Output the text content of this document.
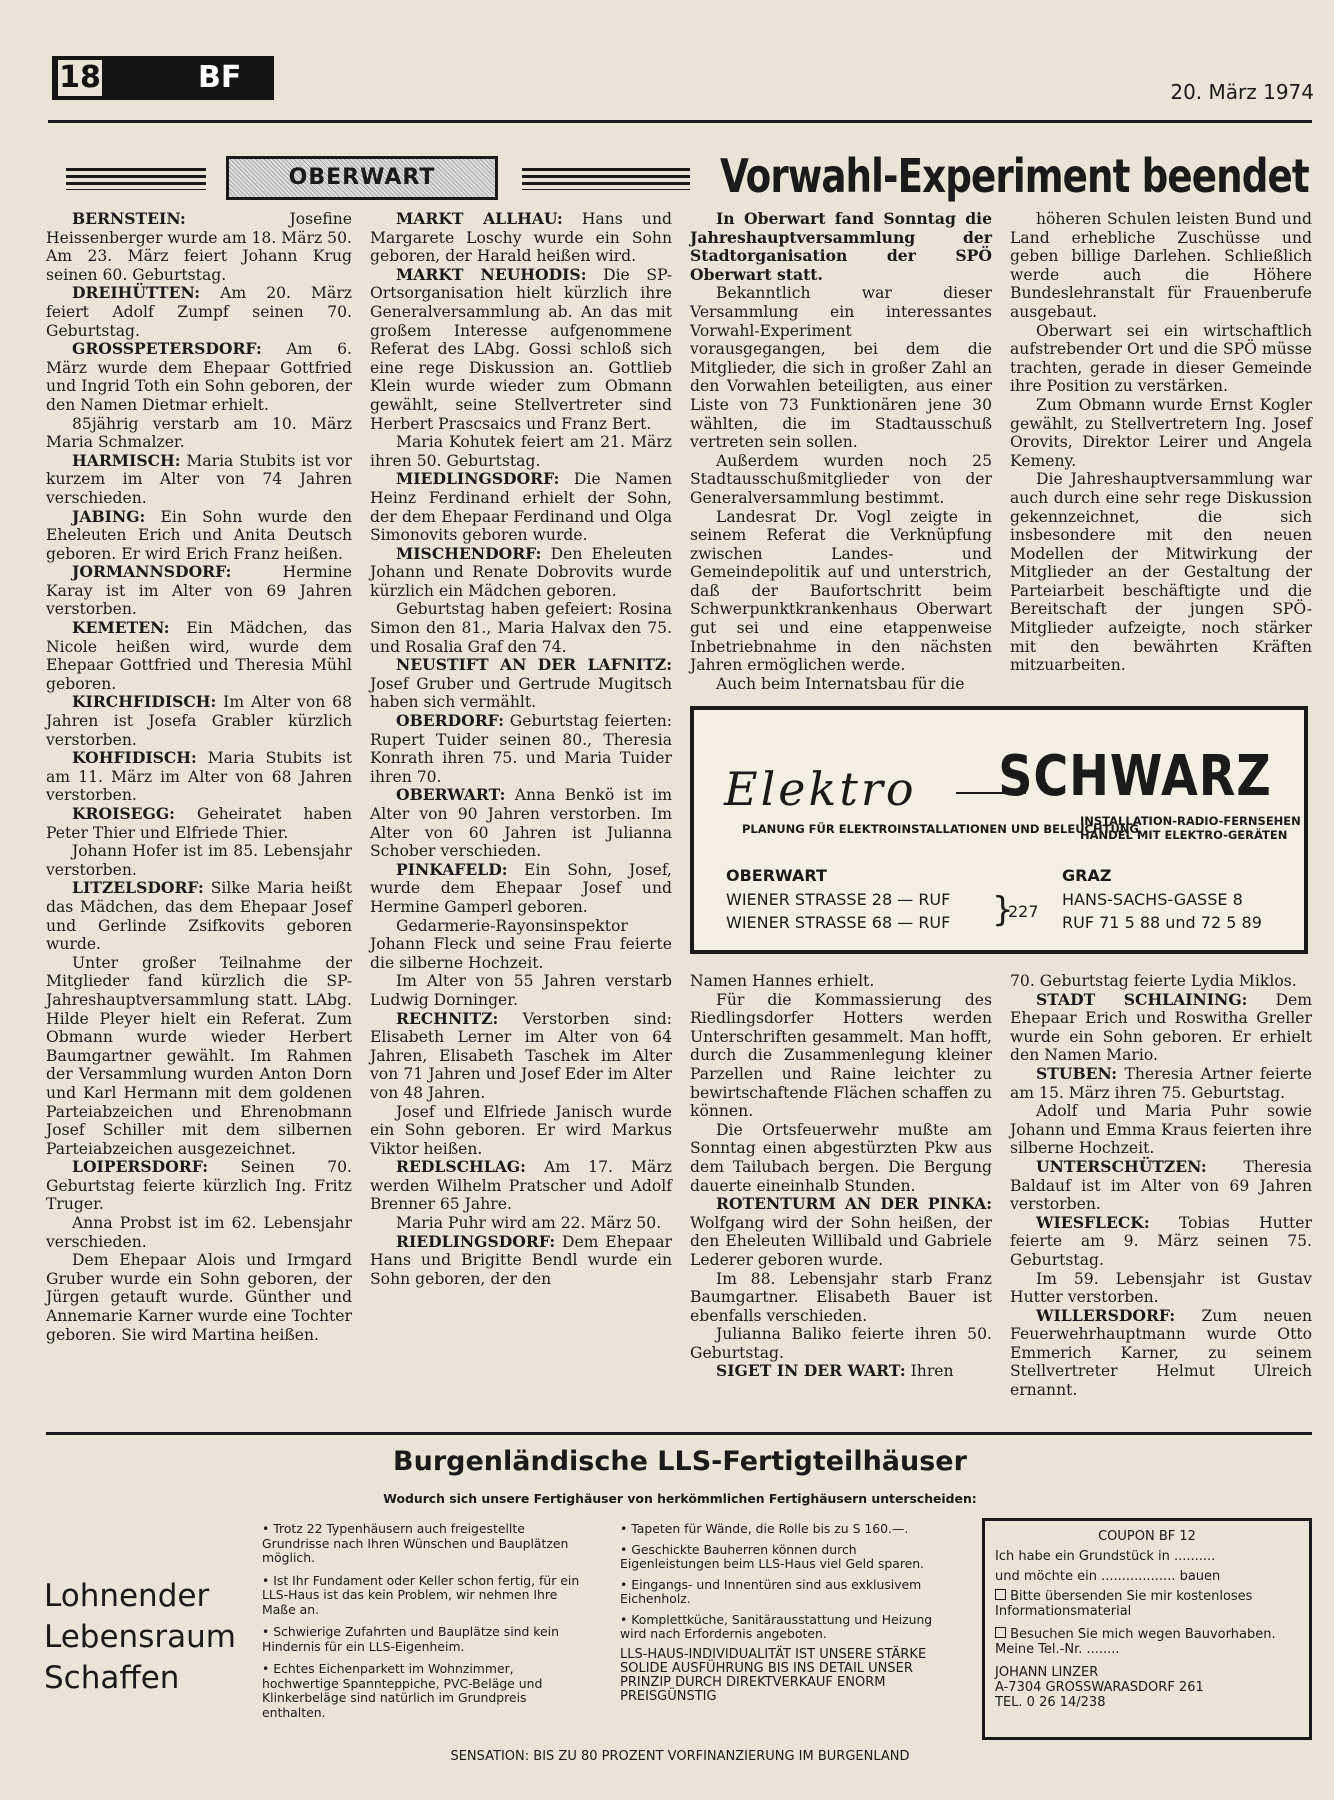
18	BF	20. März 1974
OBERWART	Vorwahl-Experiment beendet

BERNSTEIN: Josefine Heissenberger wurde am 18. März 50. Am 23. März feiert Johann Krug seinen 60. Geburtstag.

DREIHÜTTEN: Am 20. März feiert Adolf Zumpf seinen 70. Geburtstag.

GROSSPETERSDORF: Am 6. März wurde dem Ehepaar Gottfried und Ingrid Toth ein Sohn geboren, der den Namen Dietmar erhielt.

85jährig verstarb am 10. März Maria Schmalzer.

HARMISCH: Maria Stubits ist vor kurzem im Alter von 74 Jahren verschieden.

JABING: Ein Sohn wurde den Eheleuten Erich und Anita Deutsch geboren. Er wird Erich Franz heißen.

JORMANNSDORF: Hermine Karay ist im Alter von 69 Jahren verstorben.

KEMETEN: Ein Mädchen, das Nicole heißen wird, wurde dem Ehepaar Gottfried und Theresia Mühl geboren.

KIRCHFIDISCH: Im Alter von 68 Jahren ist Josefa Grabler kürzlich verstorben.

KOHFIDISCH: Maria Stubits ist am 11. März im Alter von 68 Jahren verstorben.

KROISEGG: Geheiratet haben Peter Thier und Elfriede Thier.

Johann Hofer ist im 85. Lebensjahr verstorben.

LITZELSDORF: Silke Maria heißt das Mädchen, das dem Ehepaar Josef und Gerlinde Zsifkovits geboren wurde.

Unter großer Teilnahme der Mitglieder fand kürzlich die SP-Jahreshauptversammlung statt. LAbg. Hilde Pleyer hielt ein Referat. Zum Obmann wurde wieder Herbert Baumgartner gewählt. Im Rahmen der Versammlung wurden Anton Dorn und Karl Hermann mit dem goldenen Parteiabzeichen und Ehrenobmann Josef Schiller mit dem silbernen Parteiabzeichen ausgezeichnet.

LOIPERSDORF: Seinen 70. Geburtstag feierte kürzlich Ing. Fritz Truger.

Anna Probst ist im 62. Lebensjahr verschieden.

Dem Ehepaar Alois und Irmgard Gruber wurde ein Sohn geboren, der Jürgen getauft wurde. Günther und Annemarie Karner wurde eine Tochter geboren. Sie wird Martina heißen.

MARKT ALLHAU: Hans und Margarete Loschy wurde ein Sohn geboren, der Harald heißen wird.

MARKT NEUHODIS: Die SP-Ortsorganisation hielt kürzlich ihre Generalversammlung ab. An das mit großem Interesse aufgenommene Referat des LAbg. Gossi schloß sich eine rege Diskussion an. Gottlieb Klein wurde wieder zum Obmann gewählt, seine Stellvertreter sind Herbert Prascsaics und Franz Bert.

Maria Kohutek feiert am 21. März ihren 50. Geburtstag.

MIEDLINGSDORF: Die Namen Heinz Ferdinand erhielt der Sohn, der dem Ehepaar Ferdinand und Olga Simonovits geboren wurde.

MISCHENDORF: Den Eheleuten Johann und Renate Dobrovits wurde kürzlich ein Mädchen geboren.

Geburtstag haben gefeiert: Rosina Simon den 81., Maria Halvax den 75. und Rosalia Graf den 74.

NEUSTIFT AN DER LAFNITZ: Josef Gruber und Gertrude Mugitsch haben sich vermählt.

OBERDORF: Geburtstag feierten: Rupert Tuider seinen 80., Theresia Konrath ihren 75. und Maria Tuider ihren 70.

OBERWART: Anna Benkö ist im Alter von 90 Jahren verstorben. Im Alter von 60 Jahren ist Julianna Schober verschieden.

PINKAFELD: Ein Sohn, Josef, wurde dem Ehepaar Josef und Hermine Gamperl geboren.

Gedarmerie-Rayonsinspektor Johann Fleck und seine Frau feierte die silberne Hochzeit.

Im Alter von 55 Jahren verstarb Ludwig Dorninger.

RECHNITZ: Verstorben sind: Elisabeth Lerner im Alter von 64 Jahren, Elisabeth Taschek im Alter von 71 Jahren und Josef Eder im Alter von 48 Jahren.

Josef und Elfriede Janisch wurde ein Sohn geboren. Er wird Markus Viktor heißen.

REDLSCHLAG: Am 17. März werden Wilhelm Pratscher und Adolf Brenner 65 Jahre.

Maria Puhr wird am 22. März 50.

RIEDLINGSDORF: Dem Ehepaar Hans und Brigitte Bendl wurde ein Sohn geboren, der den

In Oberwart fand Sonntag die Jahreshauptversammlung der Stadtorganisation der SPÖ Oberwart statt.

Bekanntlich war dieser Versammlung ein interessantes Vorwahl-Experiment vorausgegangen, bei dem die Mitglieder, die sich in großer Zahl an den Vorwahlen beteiligten, aus einer Liste von 73 Funktionären jene 30 wählten, die im Stadtausschuß vertreten sein sollen.

Außerdem wurden noch 25 Stadtausschußmitglieder von der Generalversammlung bestimmt.

Landesrat Dr. Vogl zeigte in seinem Referat die Verknüpfung zwischen Landes- und Gemeindepolitik auf und unterstrich, daß der Baufortschritt beim Schwerpunktkrankenhaus Oberwart gut sei und eine etappenweise Inbetriebnahme in den nächsten Jahren ermöglichen werde.

Auch beim Internatsbau für die

höheren Schulen leisten Bund und Land erhebliche Zuschüsse und geben billige Darlehen. Schließlich werde auch die Höhere Bundeslehranstalt für Frauenberufe ausgebaut.

Oberwart sei ein wirtschaftlich aufstrebender Ort und die SPÖ müsse trachten, gerade in dieser Gemeinde ihre Position zu verstärken.

Zum Obmann wurde Ernst Kogler gewählt, zu Stellvertretern Ing. Josef Orovits, Direktor Leirer und Angela Kemeny.

Die Jahreshauptversammlung war auch durch eine sehr rege Diskussion gekennzeichnet, die sich insbesondere mit den neuen Modellen der Mitwirkung der Mitglieder an der Gestaltung der Parteiarbeit beschäftigte und die Bereitschaft der jungen SPÖ-Mitglieder aufzeigte, noch stärker mit den bewährten Kräften mitzuarbeiten.

Namen Hannes erhielt.

Für die Kommassierung des Riedlingsdorfer Hotters werden Unterschriften gesammelt. Man hofft, durch die Zusammenlegung kleiner Parzellen und Raine leichter zu bewirtschaftende Flächen schaffen zu können.

Die Ortsfeuerwehr mußte am Sonntag einen abgestürzten Pkw aus dem Tailubach bergen. Die Bergung dauerte eineinhalb Stunden.

ROTENTURM AN DER PINKA: Wolfgang wird der Sohn heißen, der den Eheleuten Willibald und Gabriele Lederer geboren wurde.

Im 88. Lebensjahr starb Franz Baumgartner. Elisabeth Bauer ist ebenfalls verschieden.

Julianna Baliko feierte ihren 50. Geburtstag.

SIGET IN DER WART: Ihren

70. Geburtstag feierte Lydia Miklos.

STADT SCHLAINING: Dem Ehepaar Erich und Roswitha Greller wurde ein Sohn geboren. Er erhielt den Namen Mario.

STUBEN: Theresia Artner feierte am 15. März ihren 75. Geburtstag.

Adolf und Maria Puhr sowie Johann und Emma Kraus feierten ihre silberne Hochzeit.

UNTERSCHÜTZEN: Theresia Baldauf ist im Alter von 69 Jahren verstorben.

WIESFLECK: Tobias Hutter feierte am 9. März seinen 75. Geburtstag.

Im 59. Lebensjahr ist Gustav Hutter verstorben.

WILLERSDORF: Zum neuen Feuerwehrhauptmann wurde Otto Emmerich Karner, zu seinem Stellvertreter Helmut Ulreich ernannt.

Elektro SCHWARZ
PLANUNG FÜR ELEKTROINSTALLATIONEN UND BELEUCHTUNG
INSTALLATION-RADIO-FERNSEHEN
HANDEL MIT ELEKTRO-GERÄTEN
OBERWART
WIENER STRASSE 28 — RUF
WIENER STRASSE 68 — RUF }
227
GRAZ
HANS-SACHS-GASSE 8
RUF 71 5 88 und 72 5 89
Burgenländische LLS-Fertigteilhäuser
Wodurch sich unsere Fertighäuser von herkömmlichen Fertighäusern unterscheiden:
Lohnender
Lebensraum
Schaffen
• Trotz 22 Typenhäusern auch freigestellte Grundrisse nach Ihren Wünschen und Bauplätzen möglich.
• Ist Ihr Fundament oder Keller schon fertig, für ein LLS-Haus ist das kein Problem, wir nehmen Ihre Maße an.
• Schwierige Zufahrten und Bauplätze sind kein Hindernis für ein LLS-Eigenheim.
• Echtes Eichenparkett im Wohnzimmer, hochwertige Spannteppiche, PVC-Beläge und Klinkerbeläge sind natürlich im Grundpreis enthalten.
• Tapeten für Wände, die Rolle bis zu S 160.—.
• Geschickte Bauherren können durch Eigenleistungen beim LLS-Haus viel Geld sparen.
• Eingangs- und Innentüren sind aus exklusivem Eichenholz.
• Komplettküche, Sanitärausstattung und Heizung wird nach Erfordernis angeboten.
LLS-HAUS-INDIVIDUALITÄT IST UNSERE STÄRKE SOLIDE AUSFÜHRUNG BIS INS DETAIL UNSER PRINZIP DURCH DIREKTVERKAUF ENORM PREISGÜNSTIG
COUPON BF 12
Ich habe ein Grundstück in ..........
und möchte ein .................. bauen
Bitte übersenden Sie mir kostenloses Informationsmaterial
Besuchen Sie mich wegen Bauvorhaben. Meine Tel.-Nr. ........
JOHANN LINZER
A-7304 GROSSWARASDORF 261
TEL. 0 26 14/238
SENSATION: BIS ZU 80 PROZENT VORFINANZIERUNG IM BURGENLAND
